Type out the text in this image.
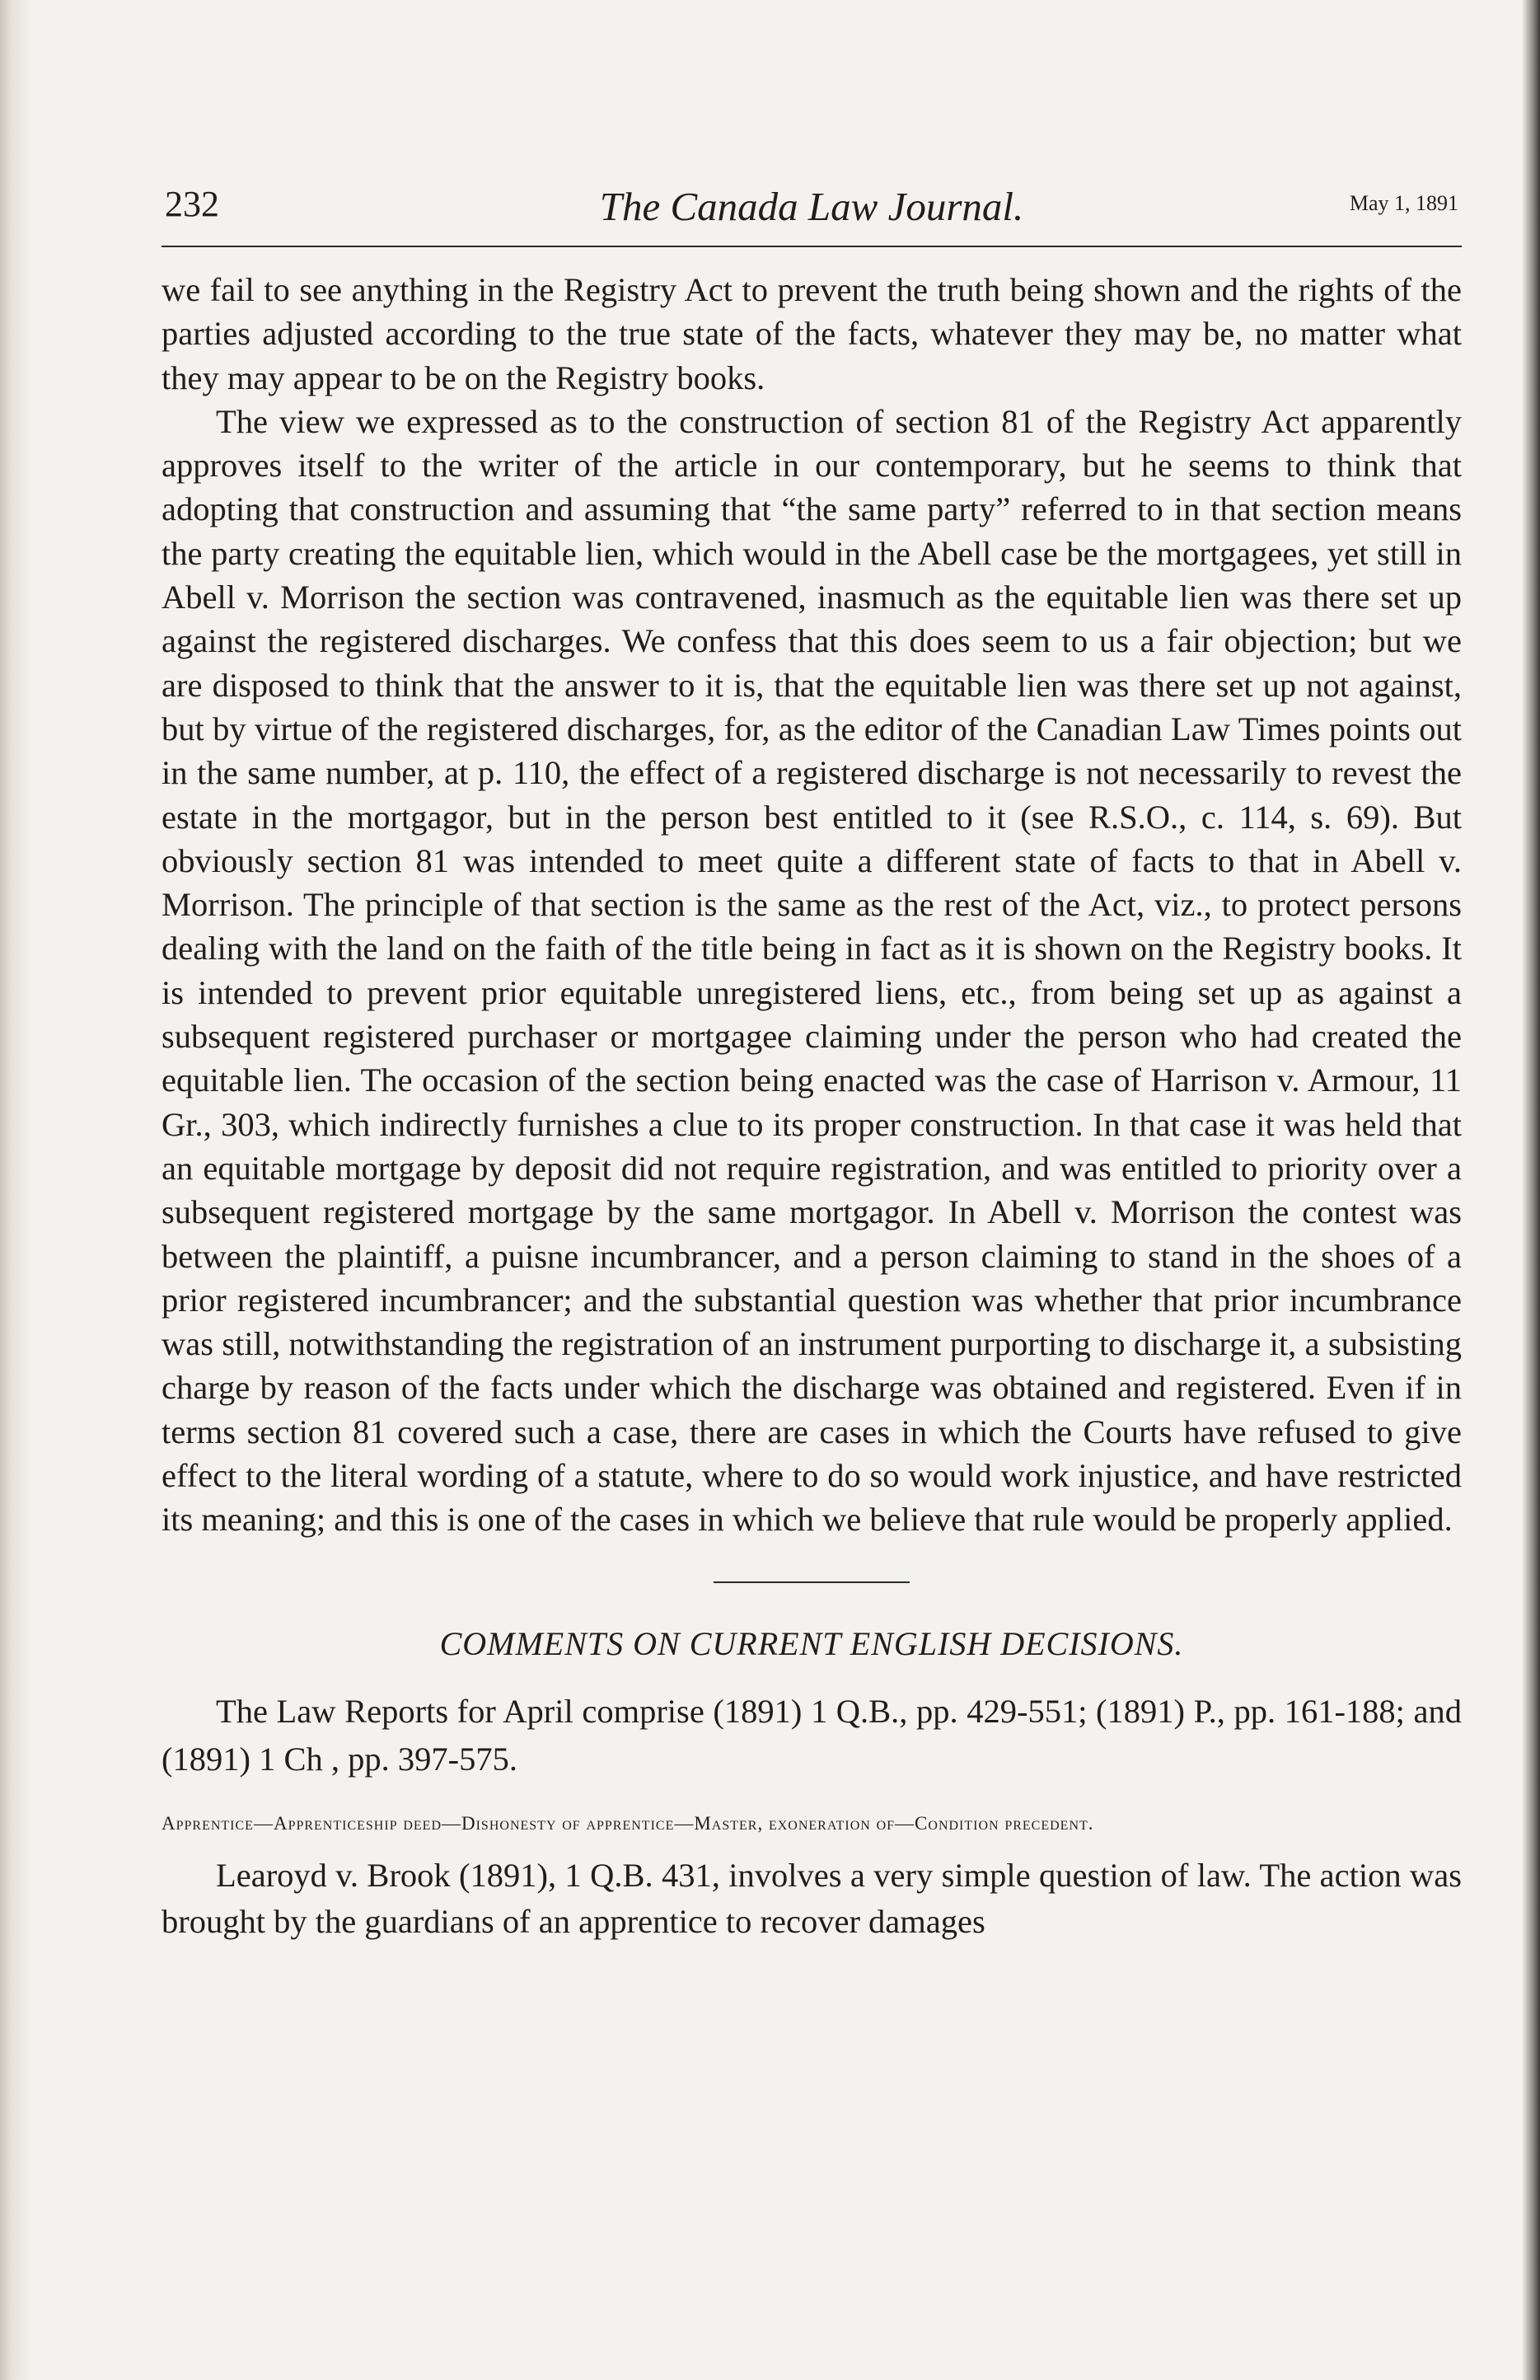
232	The Canada Law Journal.	May 1, 1891

we fail to see anything in the Registry Act to prevent the truth being shown and the rights of the parties adjusted according to the true state of the facts, whatever they may be, no matter what they may appear to be on the Registry books.

The view we expressed as to the construction of section 81 of the Registry Act apparently approves itself to the writer of the article in our contemporary, but he seems to think that adopting that construction and assuming that “the same party” referred to in that section means the party creating the equitable lien, which would in the Abell case be the mortgagees, yet still in Abell v. Morrison the section was contravened, inasmuch as the equitable lien was there set up against the registered discharges. We confess that this does seem to us a fair objection; but we are disposed to think that the answer to it is, that the equitable lien was there set up not against, but by virtue of the registered discharges, for, as the editor of the Canadian Law Times points out in the same number, at p. 110, the effect of a registered discharge is not necessarily to revest the estate in the mortgagor, but in the person best entitled to it (see R.S.O., c. 114, s. 69). But obviously section 81 was intended to meet quite a different state of facts to that in Abell v. Morrison. The principle of that section is the same as the rest of the Act, viz., to protect persons dealing with the land on the faith of the title being in fact as it is shown on the Registry books. It is intended to prevent prior equitable unregistered liens, etc., from being set up as against a subsequent registered purchaser or mortgagee claiming under the person who had created the equitable lien. The occasion of the section being enacted was the case of Harrison v. Armour, 11 Gr., 303, which indirectly furnishes a clue to its proper construction. In that case it was held that an equitable mortgage by deposit did not require registration, and was entitled to priority over a subsequent registered mortgage by the same mortgagor. In Abell v. Morrison the contest was between the plaintiff, a puisne incumbrancer, and a person claiming to stand in the shoes of a prior registered incumbrancer; and the substantial question was whether that prior incumbrance was still, notwithstanding the registration of an instrument purporting to discharge it, a subsisting charge by reason of the facts under which the discharge was obtained and registered. Even if in terms section 81 covered such a case, there are cases in which the Courts have refused to give effect to the literal wording of a statute, where to do so would work injustice, and have restricted its meaning; and this is one of the cases in which we believe that rule would be properly applied.

COMMENTS ON CURRENT ENGLISH DECISIONS.

The Law Reports for April comprise (1891) 1 Q.B., pp. 429-551; (1891) P., pp. 161-188; and (1891) 1 Ch , pp. 397-575.

Apprentice—Apprenticeship deed—Dishonesty of apprentice—Master, exoneration of—Condition precedent.

Learoyd v. Brook (1891), 1 Q.B. 431, involves a very simple question of law. The action was brought by the guardians of an apprentice to recover damages
